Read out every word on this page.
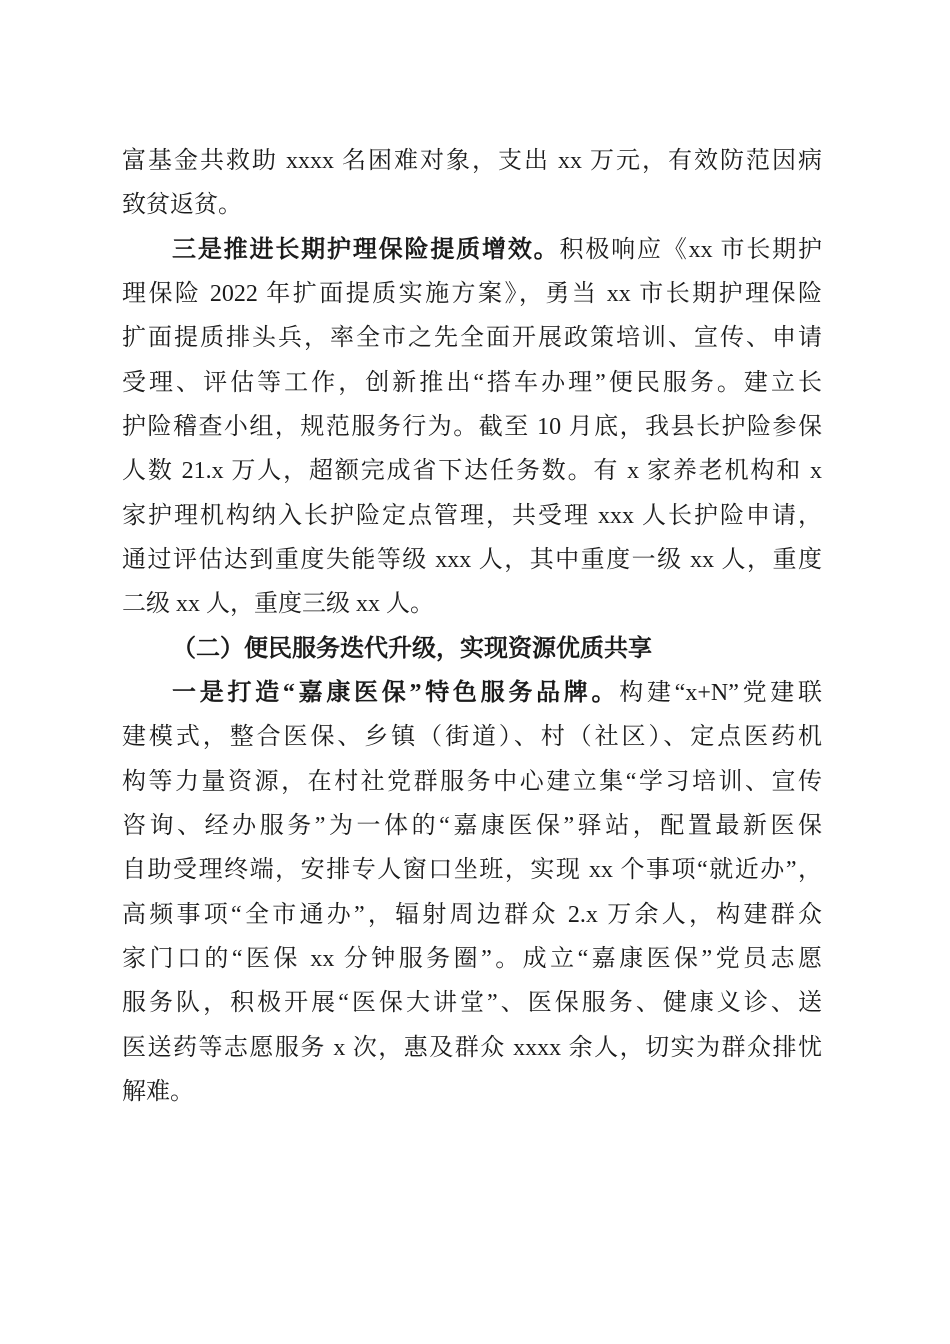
富基金共救助 xxxx 名困难对象，支出 xx 万元，有效防范因病
致贫返贫。
三是推进长期护理保险提质增效。积极响应《xx 市长期护
理保险 2022 年扩面提质实施方案》，勇当 xx 市长期护理保险
扩面提质排头兵，率全市之先全面开展政策培训、宣传、申请
受理、评估等工作，创新推出“搭车办理”便民服务。建立长
护险稽查小组，规范服务行为。截至 10 月底，我县长护险参保
人数 21.x 万人，超额完成省下达任务数。有 x 家养老机构和 x
家护理机构纳入长护险定点管理，共受理 xxx 人长护险申请，
通过评估达到重度失能等级 xxx 人，其中重度一级 xx 人，重度
二级 xx 人，重度三级 xx 人。
（二）便民服务迭代升级，实现资源优质共享
一是打造“嘉康医保”特色服务品牌。构建“x+N”党建联
建模式，整合医保、乡镇（街道）、村（社区）、定点医药机
构等力量资源，在村社党群服务中心建立集“学习培训、宣传
咨询、经办服务”为一体的“嘉康医保”驿站，配置最新医保
自助受理终端，安排专人窗口坐班，实现 xx 个事项“就近办”，
高频事项“全市通办”，辐射周边群众 2.x 万余人，构建群众
家门口的“医保 xx 分钟服务圈”。成立“嘉康医保”党员志愿
服务队，积极开展“医保大讲堂”、医保服务、健康义诊、送
医送药等志愿服务 x 次，惠及群众 xxxx 余人，切实为群众排忧
解难。
